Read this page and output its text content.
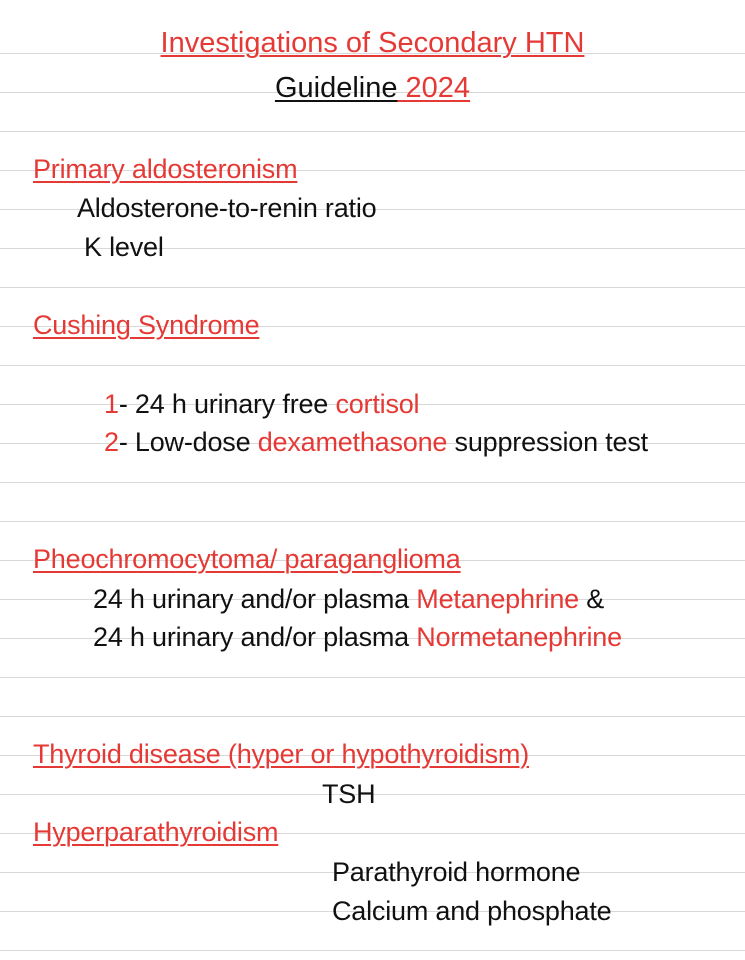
Investigations of Secondary HTN
Guideline 2024
Primary aldosteronism
Aldosterone-to-renin ratio
K level
Cushing Syndrome
1- 24 h urinary free cortisol
2- Low-dose dexamethasone suppression test
Pheochromocytoma/ paraganglioma
24 h urinary and/or plasma Metanephrine &
24 h urinary and/or plasma Normetanephrine
Thyroid disease (hyper or hypothyroidism)
TSH
Hyperparathyroidism
Parathyroid hormone
Calcium and phosphate
